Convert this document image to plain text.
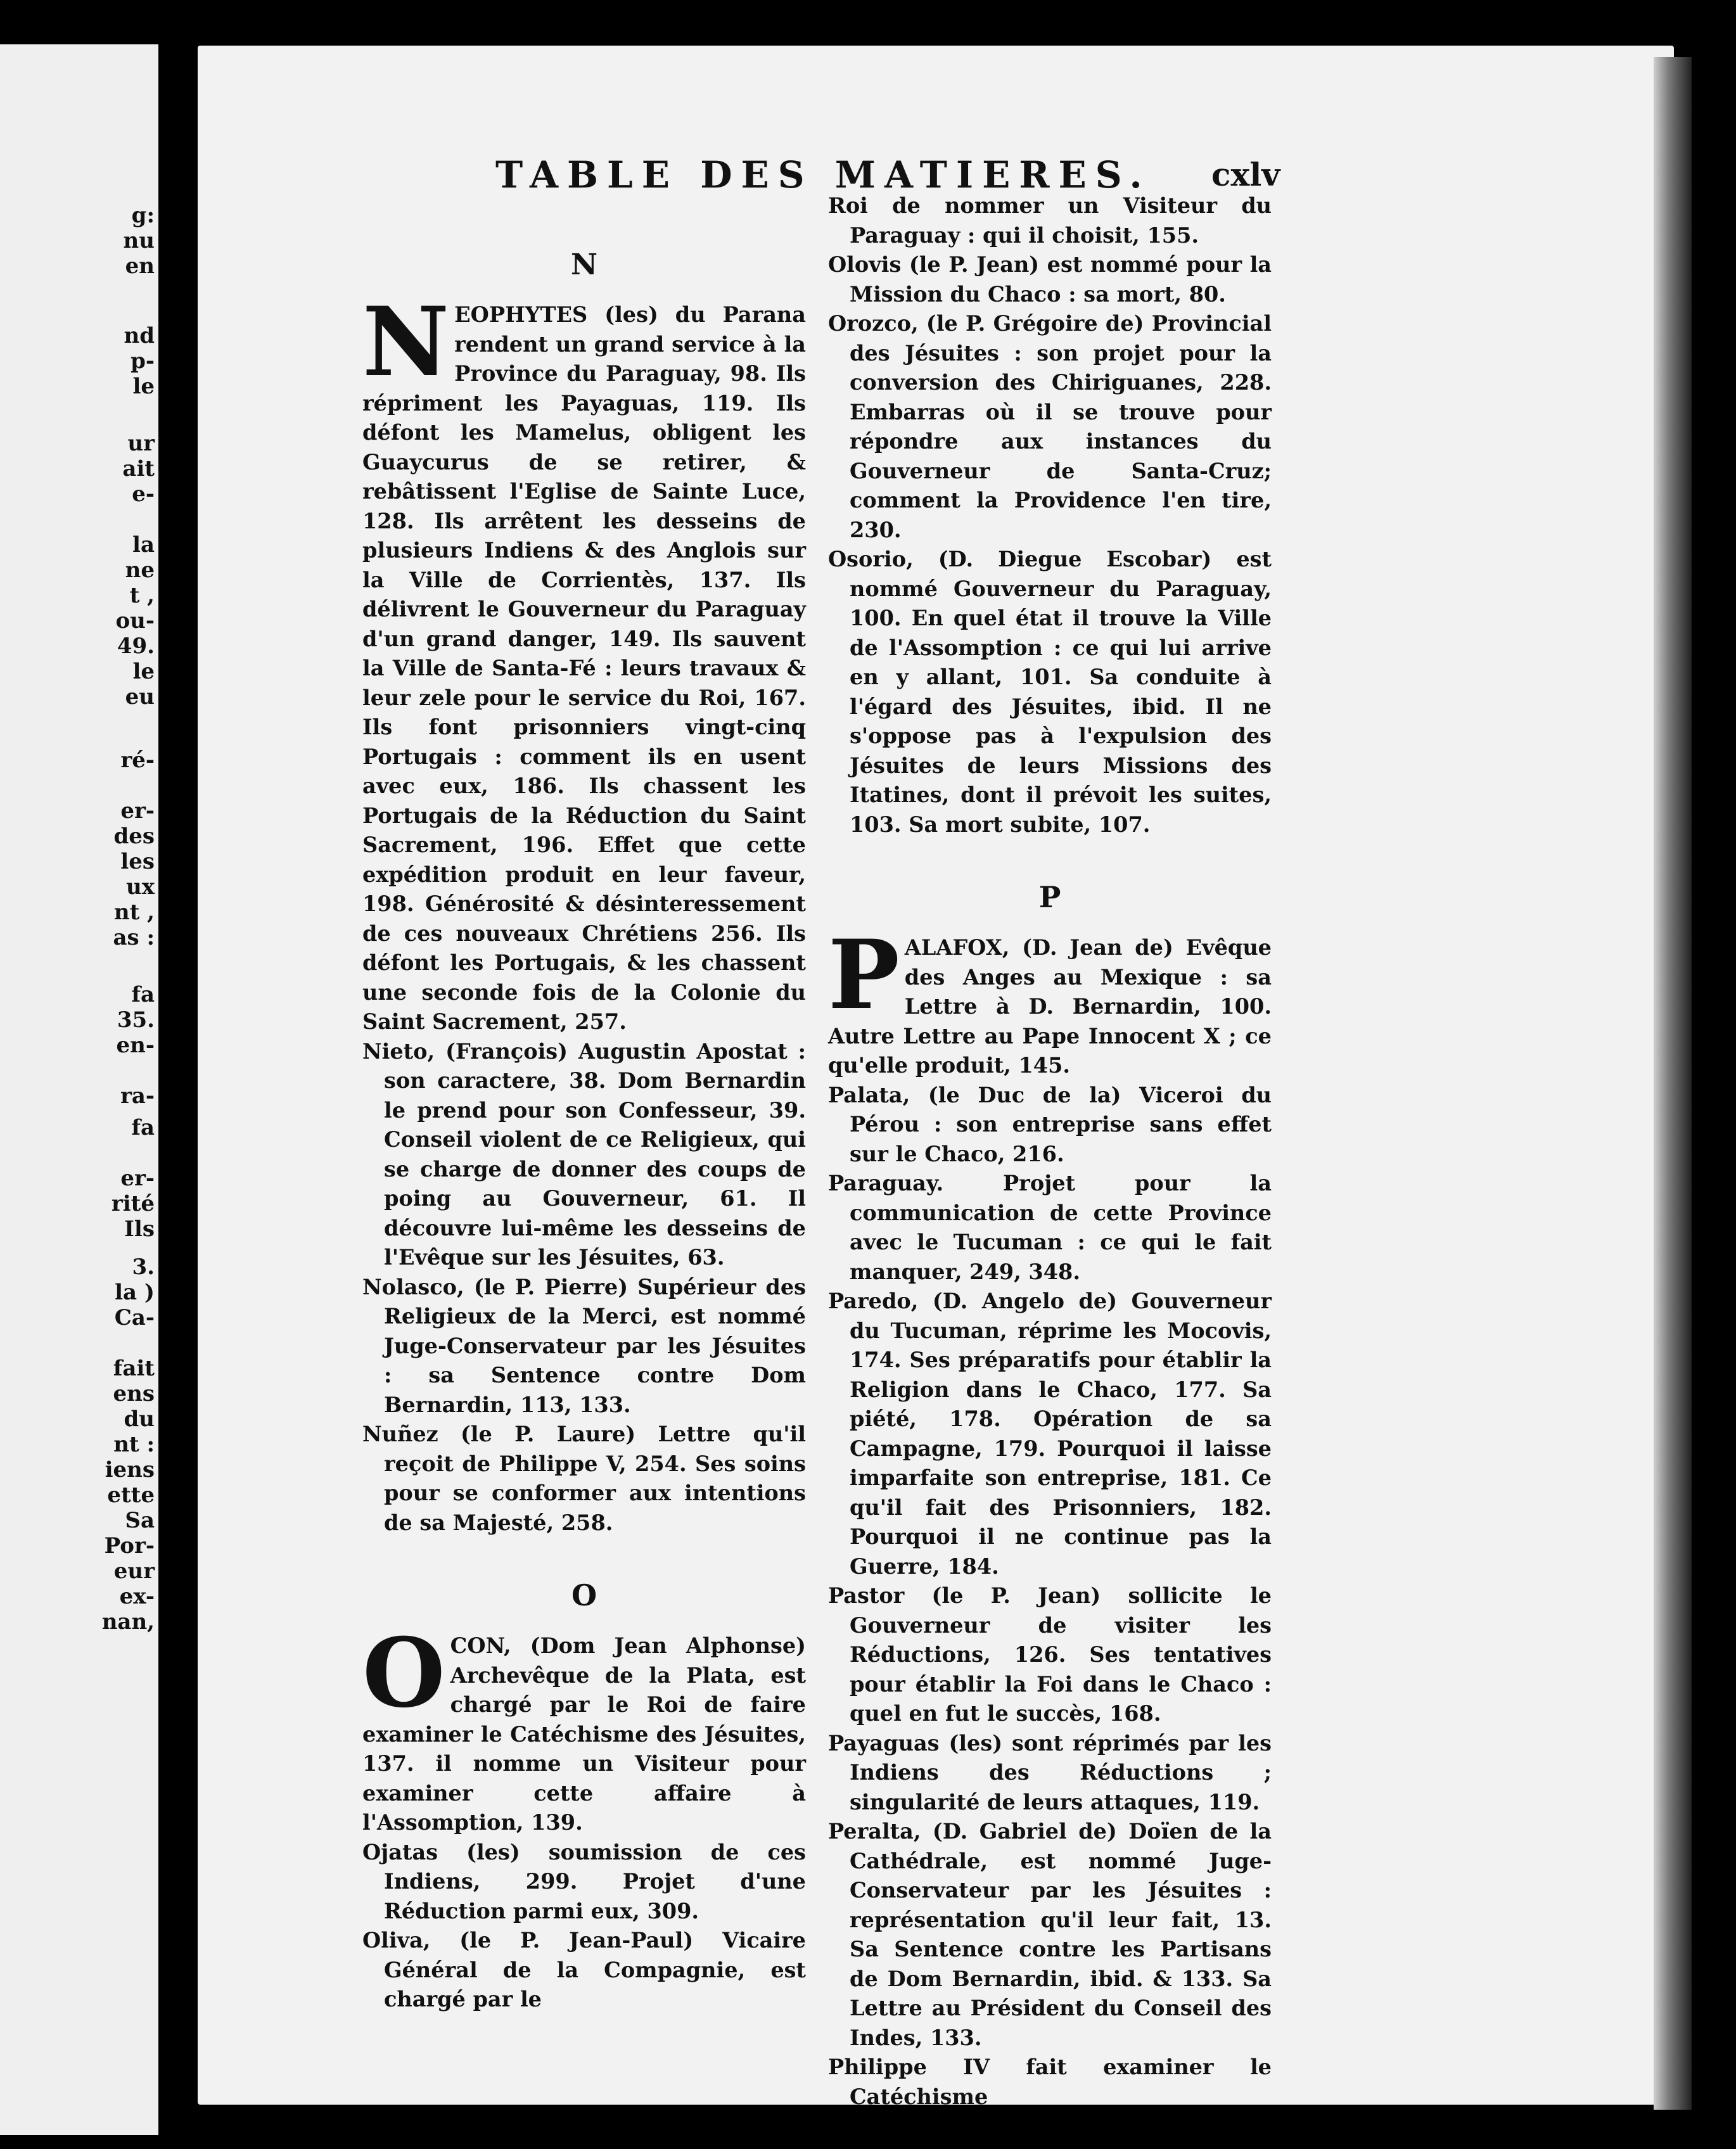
g:
nu
en
nd
p-
le
ur
ait
e-
la
ne
t ,
ou-
49.
le
eu
ré-
er-
des
les
ux
nt ,
as :
fa
35.
en-
ra-
fa
er-
rité
Ils
3.
la )
Ca-
fait
ens
du
nt :
iens
ette
Sa
Por-
eur
ex-
nan,
TABLE DES MATIERES. cxlv
N

NEOPHYTES (les) du Parana rendent un grand service à la Province du Paraguay, 98. Ils répriment les Payaguas, 119. Ils défont les Mamelus, obligent les Guaycurus de se retirer, & rebâtissent l'Eglise de Sainte Luce, 128. Ils arrêtent les desseins de plusieurs Indiens & des Anglois sur la Ville de Corrientès, 137. Ils délivrent le Gouverneur du Paraguay d'un grand danger, 149. Ils sauvent la Ville de Santa-Fé : leurs travaux & leur zele pour le service du Roi, 167. Ils font prisonniers vingt-cinq Portugais : comment ils en usent avec eux, 186. Ils chassent les Portugais de la Réduction du Saint Sacrement, 196. Effet que cette expédition produit en leur faveur, 198. Générosité & désinteressement de ces nouveaux Chrétiens 256. Ils défont les Portugais, & les chassent une seconde fois de la Colonie du Saint Sacrement, 257.

Nieto, (François) Augustin Apostat : son caractere, 38. Dom Bernardin le prend pour son Confesseur, 39. Conseil violent de ce Religieux, qui se charge de donner des coups de poing au Gouverneur, 61. Il découvre lui-même les desseins de l'Evêque sur les Jésuites, 63.

Nolasco, (le P. Pierre) Supérieur des Religieux de la Merci, est nommé Juge-Conservateur par les Jésuites : sa Sentence contre Dom Bernardin, 113, 133.

Nuñez (le P. Laure) Lettre qu'il reçoit de Philippe V, 254. Ses soins pour se conformer aux intentions de sa Majesté, 258.

O

OCON, (Dom Jean Alphonse) Archevêque de la Plata, est chargé par le Roi de faire examiner le Catéchisme des Jésuites, 137. il nomme un Visiteur pour examiner cette affaire à l'Assomption, 139.

Ojatas (les) soumission de ces Indiens, 299. Projet d'une Réduction parmi eux, 309.

Oliva, (le P. Jean-Paul) Vicaire Général de la Compagnie, est chargé par le

Roi de nommer un Visiteur du Paraguay : qui il choisit, 155.

Olovis (le P. Jean) est nommé pour la Mission du Chaco : sa mort, 80.

Orozco, (le P. Grégoire de) Provincial des Jésuites : son projet pour la conversion des Chiriguanes, 228. Embarras où il se trouve pour répondre aux instances du Gouverneur de Santa-Cruz; comment la Providence l'en tire, 230.

Osorio, (D. Diegue Escobar) est nommé Gouverneur du Paraguay, 100. En quel état il trouve la Ville de l'Assomption : ce qui lui arrive en y allant, 101. Sa conduite à l'égard des Jésuites, ibid. Il ne s'oppose pas à l'expulsion des Jésuites de leurs Missions des Itatines, dont il prévoit les suites, 103. Sa mort subite, 107.

P

PALAFOX, (D. Jean de) Evêque des Anges au Mexique : sa Lettre à D. Bernardin, 100. Autre Lettre au Pape Innocent X ; ce qu'elle produit, 145.

Palata, (le Duc de la) Viceroi du Pérou : son entreprise sans effet sur le Chaco, 216.

Paraguay. Projet pour la communication de cette Province avec le Tucuman : ce qui le fait manquer, 249, 348.

Paredo, (D. Angelo de) Gouverneur du Tucuman, réprime les Mocovis, 174. Ses préparatifs pour établir la Religion dans le Chaco, 177. Sa piété, 178. Opération de sa Campagne, 179. Pourquoi il laisse imparfaite son entreprise, 181. Ce qu'il fait des Prisonniers, 182. Pourquoi il ne continue pas la Guerre, 184.

Pastor (le P. Jean) sollicite le Gouverneur de visiter les Réductions, 126. Ses tentatives pour établir la Foi dans le Chaco : quel en fut le succès, 168.

Payaguas (les) sont réprimés par les Indiens des Réductions ; singularité de leurs attaques, 119.

Peralta, (D. Gabriel de) Doïen de la Cathédrale, est nommé Juge-Conservateur par les Jésuites : représentation qu'il leur fait, 13. Sa Sentence contre les Partisans de Dom Bernardin, ibid. & 133. Sa Lettre au Président du Conseil des Indes, 133.

Philippe IV fait examiner le Catéchisme
